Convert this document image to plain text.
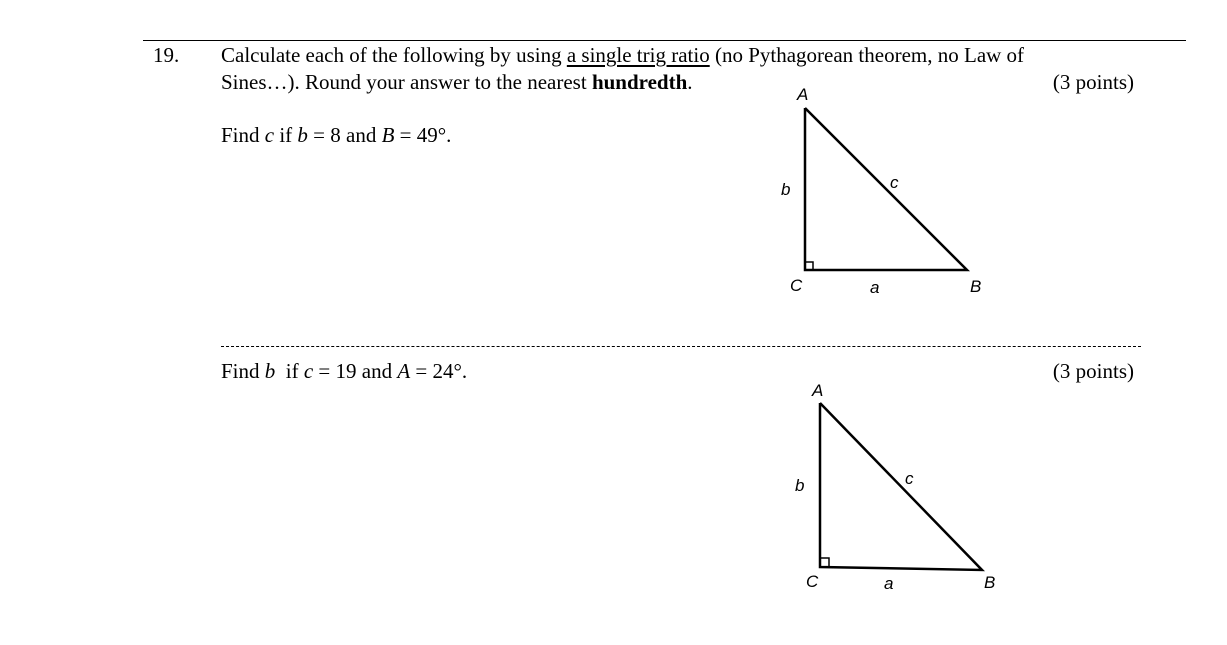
19. Calculate each of the following by using a single trig ratio (no Pythagorean theorem, no Law of
Sines…). Round your answer to the nearest hundredth.	(3 points)
Find c if b = 8 and B = 49°.
A
C	B
b	c
a
Find b  if c = 19 and A = 24°.	(3 points)
A
C	B
b	c
a
